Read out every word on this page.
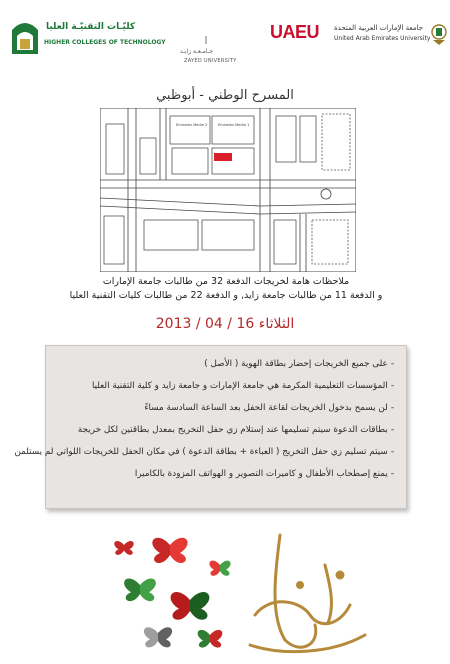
كليّـات التقنيّـة العليا
HIGHER COLLEGES OF TECHNOLOGY
جـامـعـة زايـد
ZAYED UNIVERSITY
UAEU جامعة الإمارات العربية المتحدة
United Arab Emirates University
المسرح الوطني - أبوظبي
Emirates Media 2	Emirates Media 1
ملاحظات هامة لخريجات الدفعة 32 من طالبات جامعة الإمارات
و الدفعة 11 من طالبات جامعة زايد, و الدفعة 22 من طالبات كليات التقنية العليا
الثلاثاء 16 / 04 / 2013
-على جميع الخريجات إحضار بطاقة الهوية ( الأصل )
-المؤسسات التعليمية المكرمة هي جامعة الإمارات و جامعة زايد و كلية التقنية العليا
-لن يسمح بدخول الخريجات لقاعة الحفل بعد الساعة السادسة مساءً
-بطاقات الدعوة سيتم تسليمها عند إستلام زي حفل التخريج بمعدل بطاقتين لكل خريجة
-سيتم تسليم زي حفل التخريج ( العباءة + بطاقة الدعوة ) في مكان الحفل للخريجات اللواتي لم يستلمن
-يمنع إصطحاب الأطفال و كاميرات التصوير و الهواتف المزودة بالكاميرا
